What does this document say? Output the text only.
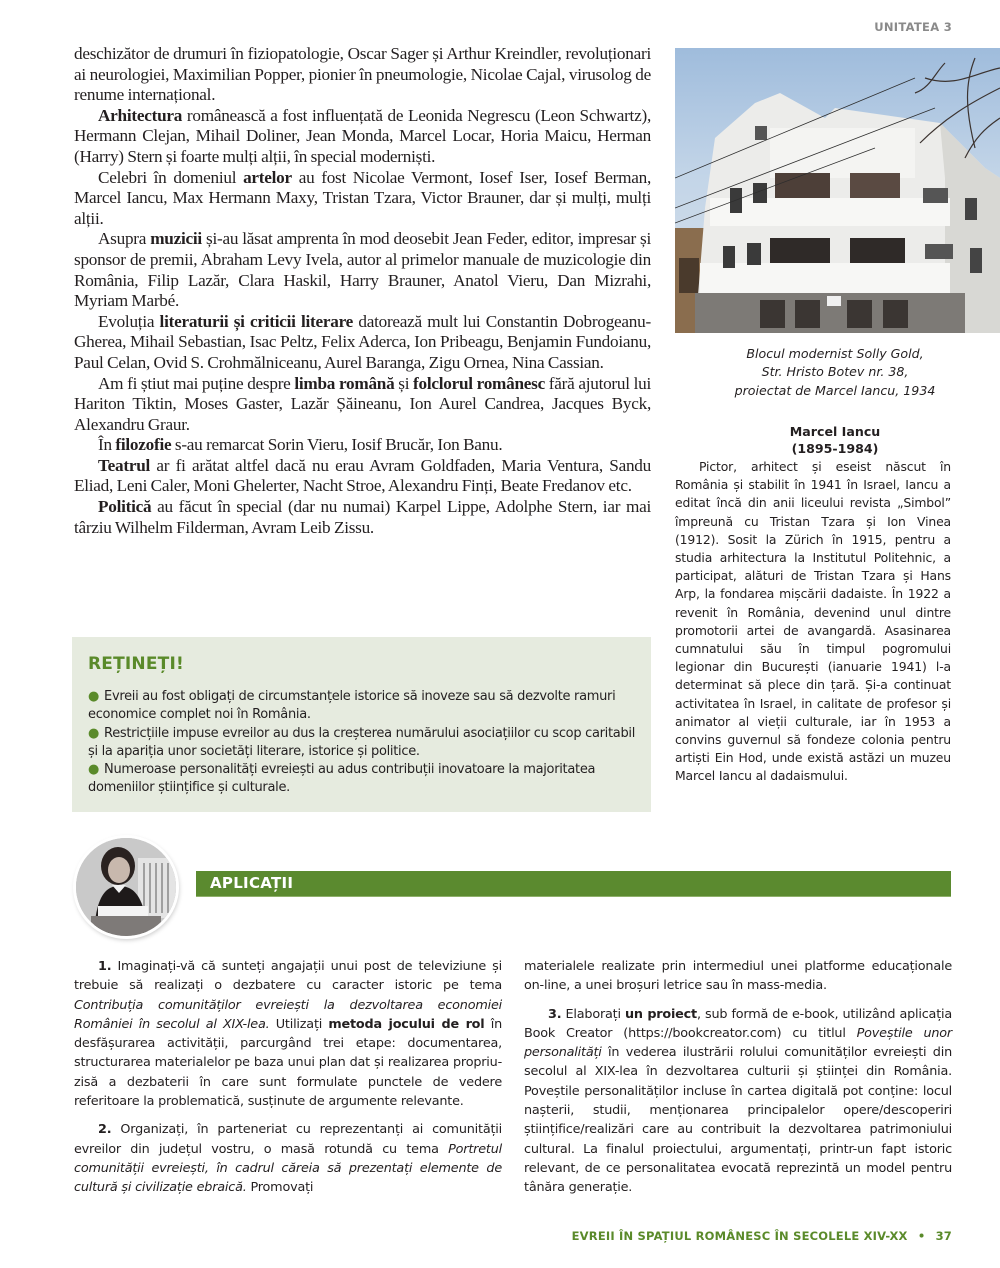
UNITATEA 3

deschizător de drumuri în fiziopatologie, Oscar Sager și Arthur Kreindler, revoluționari ai neurologiei, Maximilian Popper, pionier în pneumologie, Nicolae Cajal, virusolog de renume internațional.

Arhitectura românească a fost influențată de Leonida Negrescu (Leon Schwartz), Hermann Clejan, Mihail Doliner, Jean Monda, Marcel Locar, Horia Maicu, Herman (Harry) Stern și foarte mulți alții, în special moderniști.

Celebri în domeniul artelor au fost Nicolae Vermont, Iosef Iser, Iosef Berman, Marcel Iancu, Max Hermann Maxy, Tristan Tzara, Victor Brauner, dar și mulți, mulți alții.

Asupra muzicii și-au lăsat amprenta în mod deosebit Jean Feder, editor, impresar și sponsor de premii, Abraham Levy Ivela, autor al primelor manuale de muzicologie din România, Filip Lazăr, Clara Haskil, Harry Brauner, Anatol Vieru, Dan Mizrahi, Myriam Marbé.

Evoluția literaturii și criticii literare datorează mult lui Constantin Dobrogeanu-Gherea, Mihail Sebastian, Isac Peltz, Felix Aderca, Ion Pribeagu, Benjamin Fundoianu, Paul Celan, Ovid S. Crohmălniceanu, Aurel Baranga, Zigu Ornea, Nina Cassian.

Am fi știut mai puține despre limba română și folclorul românesc fără ajutorul lui Hariton Tiktin, Moses Gaster, Lazăr Șăineanu, Ion Aurel Candrea, Jacques Byck, Alexandru Graur.

În filozofie s-au remarcat Sorin Vieru, Iosif Brucăr, Ion Banu.

Teatrul ar fi arătat altfel dacă nu erau Avram Goldfaden, Maria Ventura, Sandu Eliad, Leni Caler, Moni Ghelerter, Nacht Stroe, Alexandru Finți, Beate Fredanov etc.

Politică au făcut în special (dar nu numai) Karpel Lippe, Adolphe Stern, iar mai târziu Wilhelm Filderman, Avram Leib Zissu.

Blocul modernist Solly Gold,
Str. Hristo Botev nr. 38,
proiectat de Marcel Iancu, 1934
Marcel Iancu
(1895-1984)
Pictor, arhitect și eseist născut în România și stabilit în 1941 în Israel, Iancu a editat încă din anii liceului revista „Simbol” împreună cu Tristan Tzara și Ion Vinea (1912). Sosit la Zürich în 1915, pentru a studia arhitectura la Institutul Politehnic, a participat, alături de Tristan Tzara și Hans Arp, la fondarea mișcării dadaiste. În 1922 a revenit în România, devenind unul dintre promotorii artei de avangardă. Asasinarea cumnatului său în timpul pogromului legionar din București (ianuarie 1941) l-a determinat să plece din țară. Și-a continuat activitatea în Israel, in calitate de profesor și animator al vieții culturale, iar în 1953 a convins guvernul să fondeze colonia pentru artiști Ein Hod, unde există astăzi un muzeu Marcel Iancu al dadaismului.
REȚINEȚI!
● Evreii au fost obligați de circumstanțele istorice să inoveze sau să dezvolte ramuri economice complet noi în România.
● Restricțiile impuse evreilor au dus la creșterea numărului asociațiilor cu scop caritabil și la apariția unor societăți literare, istorice și politice.
● Numeroase personalități evreiești au adus contribuții inovatoare la majoritatea domeniilor științifice și culturale.
APLICAȚII

1. Imaginați-vă că sunteți angajații unui post de televiziune și trebuie să realizați o dezbatere cu caracter istoric pe tema Contribuția comunităților evreiești la dezvoltarea economiei României în secolul al XIX-lea. Utilizați metoda jocului de rol în desfășurarea activității, parcurgând trei etape: documentarea, structurarea materialelor pe baza unui plan dat și realizarea propriu-zisă a dezbaterii în care sunt formulate punctele de vedere referitoare la problematică, susținute de argumente relevante.

2. Organizați, în parteneriat cu reprezentanți ai comunității evreilor din județul vostru, o masă rotundă cu tema Portretul comunității evreiești, în cadrul căreia să prezentați elemente de cultură și civilizație ebraică. Promovați

materialele realizate prin intermediul unei platforme educaționale on-line, a unei broșuri letrice sau în mass-media.

3. Elaborați un proiect, sub formă de e-book, utilizând aplicația Book Creator (https://bookcreator.com) cu titlul Poveștile unor personalități în vederea ilustrării rolului comunităților evreiești din secolul al XIX-lea în dezvoltarea culturii și științei din România. Poveștile personalităților incluse în cartea digitală pot conține: locul nașterii, studii, menționarea principalelor opere/descoperiri științifice/realizări care au contribuit la dezvoltarea patrimoniului cultural. La finalul proiectului, argumentați, printr-un fapt istoric relevant, de ce personalitatea evocată reprezintă un model pentru tânăra generație.

EVREII ÎN SPAȚIUL ROMÂNESC ÎN SECOLELE XIV-XX • 37
